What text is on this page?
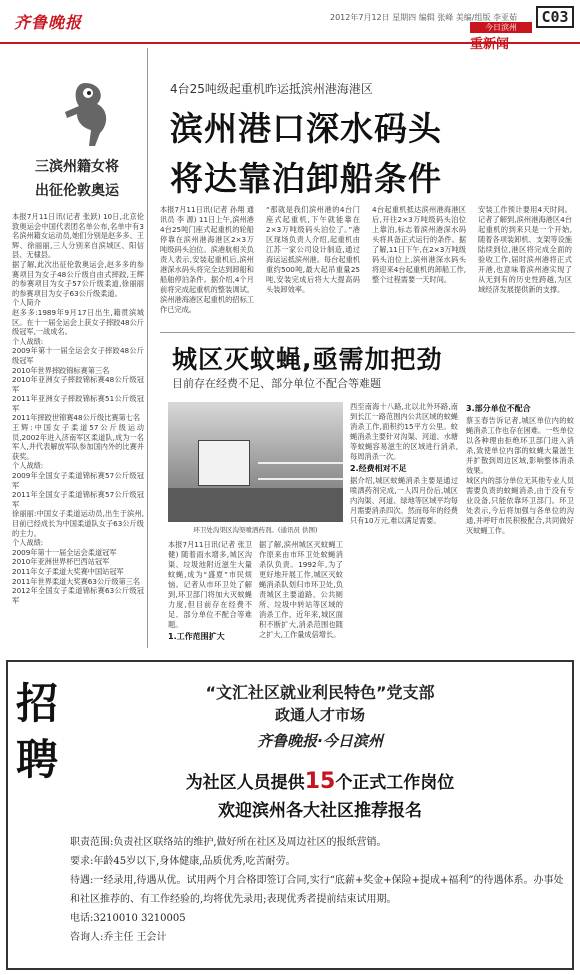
齐鲁晚报	2012年7月12日 星期四 编辑 张峰 美编/组版 李亚茹	C03
今日滨州
重新闻
三滨州籍女将
出征伦敦奥运

本报7月11日讯(记者 张跃) 10日,北京伦敦奥运会中国代表团名单公布,名单中有3名滨州籍女运动员,她们分别是赵多多、王辉、徐丽丽,三人分别来自滨城区、阳信县、无棣县。

据了解,此次出征伦敦奥运会,赵多多的参赛项目为女子48公斤级自由式摔跤,王辉的参赛项目为女子57公斤级柔道,徐丽丽的参赛项目为女子63公斤级柔道。

个人简介

赵多多:1989年9月17日出生,籍贯滨城区。在十一届全运会上获女子摔跤48公斤级冠军,一战成名。

个人战绩:

2009年第十一届全运会女子摔跤48公斤级冠军

2010年世界摔跤锦标赛第三名

2010年亚洲女子摔跤锦标赛48公斤级冠军

2011年亚洲女子摔跤锦标赛51公斤级冠军

2011年摔跤世锦赛48公斤级比赛第七名

王辉:中国女子柔道57公斤级运动员,2002年进入济南军区柔道队,成为一名军人,并代表解放军队参加国内外的比赛并获奖。

个人战绩:

2009年全国女子柔道锦标赛57公斤级冠军

2011年全国女子柔道锦标赛57公斤级冠军

徐丽丽:中国女子柔道运动员,出生于滨州,目前已经成长为中国柔道队女子63公斤级的主力。

个人战绩:

2009年第十一届全运会柔道冠军

2010年亚洲世界杯巴西站冠军

2011年女子柔道大奖赛中国站冠军

2011年世界柔道大奖赛63公斤级第三名

2012年全国女子柔道锦标赛63公斤级冠军

4台25吨级起重机昨运抵滨州港海港区
滨州港口深水码头
将达靠泊卸船条件
本报7月11日讯(记者 孙翔 通讯员 李 源) 11日上午,滨州港4台25吨门座式起重机的轮船停靠在滨州港海港区2×3万吨级码头泊位。滨港航相关负责人表示,安装起重机后,滨州港深水码头将完全达到卸船和船舶停泊条件。据介绍,4个月前将完成起重机的整装调试。滨州港海港区起重机的招标工作已完成。
“那就是我们滨州港的4台门座式起重机,下午就能靠在2×3万吨级码头泊位了。”港区现场负责人介绍,起重机由江苏一家公司设计制造,通过海运运抵滨州港。每台起重机重约500吨,最大起吊重量25吨,安装完成后将大大提高码头装卸效率。
4台起重机抵达滨州港海港区后,开往2×3万吨级码头泊位上靠泊,标志着滨州港深水码头将具备正式运行的条件。据了解,11日下午,在2×3万吨级码头泊位上,滨州港深水码头将迎来4台起重机的卸船工作,整个过程需要一天时间。
安装工作预计要用4天时间。记者了解到,滨州港海港区4台起重机的到来只是一个开始,随着各项装卸机、支架等设施陆续到位,港区将完成全面的验收工作,届时滨州港将正式开港,也意味着滨州港实现了从无到有的历史性跨越,为区域经济发展提供新的支撑。
城区灭蚊蝇,亟需加把劲
目前存在经费不足、部分单位不配合等难题
环卫处沟渠区沟渠喷洒药剂。(通讯员 供图)
本报7月11日讯(记者 张卫健) 随着雨水增多,城区沟渠、垃圾池附近滋生大量蚊蝇,成为“盛夏”市民烦恼。记者从市环卫处了解到,环卫部门将加大灭蚊蝇力度,但目前存在经费不足、部分单位不配合等难题。
1.工作范围扩大
据了解,滨州城区灭蚊蝇工作原来由市环卫处蚊蝇消杀队负责。1992年,为了更好地开展工作,城区灭蚊蝇消杀队划归市环卫处,负责城区主要道路、公共厕所、垃圾中转站等区域的消杀工作。近年来,城区面积不断扩大,消杀范围也随之扩大,工作量成倍增长。
西至南海十八路,北以北外环路,南到长江一路范围内公共区域的蚊蝇消杀工作,面积约15平方公里。蚊蝇消杀主要针对沟渠、河道、水塘等蚊蝇容易滋生的区域进行消杀,每周消杀一次。
2.经费相对不足
据介绍,城区蚊蝇消杀主要是通过喷洒药剂完成,一人四月份后,城区内沟渠、河道、绿地等区域平均每月需要消杀四次。然而每年的经费只有10万元,难以满足需要。
3.部分单位不配合
蔡玉春告诉记者,城区单位内的蚊蝇消杀工作也存在困难。一些单位以各种理由拒绝环卫部门进入消杀,致使单位内部的蚊蝇大量滋生并扩散到周边区域,影响整体消杀效果。
城区内的部分单位无其他专业人员需要负责的蚊蝇消杀,由于没有专业设备,只能依靠环卫部门。环卫处表示,今后将加强与各单位的沟通,并呼吁市民积极配合,共同做好灭蚊蝇工作。
招
聘
“文汇社区就业利民特色”党支部
政通人才市场
齐鲁晚报·今日滨州
为社区人员提供15个正式工作岗位
欢迎滨州各大社区推荐报名
职责范围:负责社区联络站的维护,做好所在社区及周边社区的报纸营销。
要求:年龄45岁以下,身体健康,品质优秀,吃苦耐劳。
待遇:一经录用,待遇从优。试用两个月合格即签订合同,实行“底薪+奖金+保险+提成+福利”的待遇体系。办事处和社区推荐的、有工作经验的,均将优先录用;表现优秀者提前结束试用期。
电话:3210010 3210005
咨询人:乔主任 王会计
